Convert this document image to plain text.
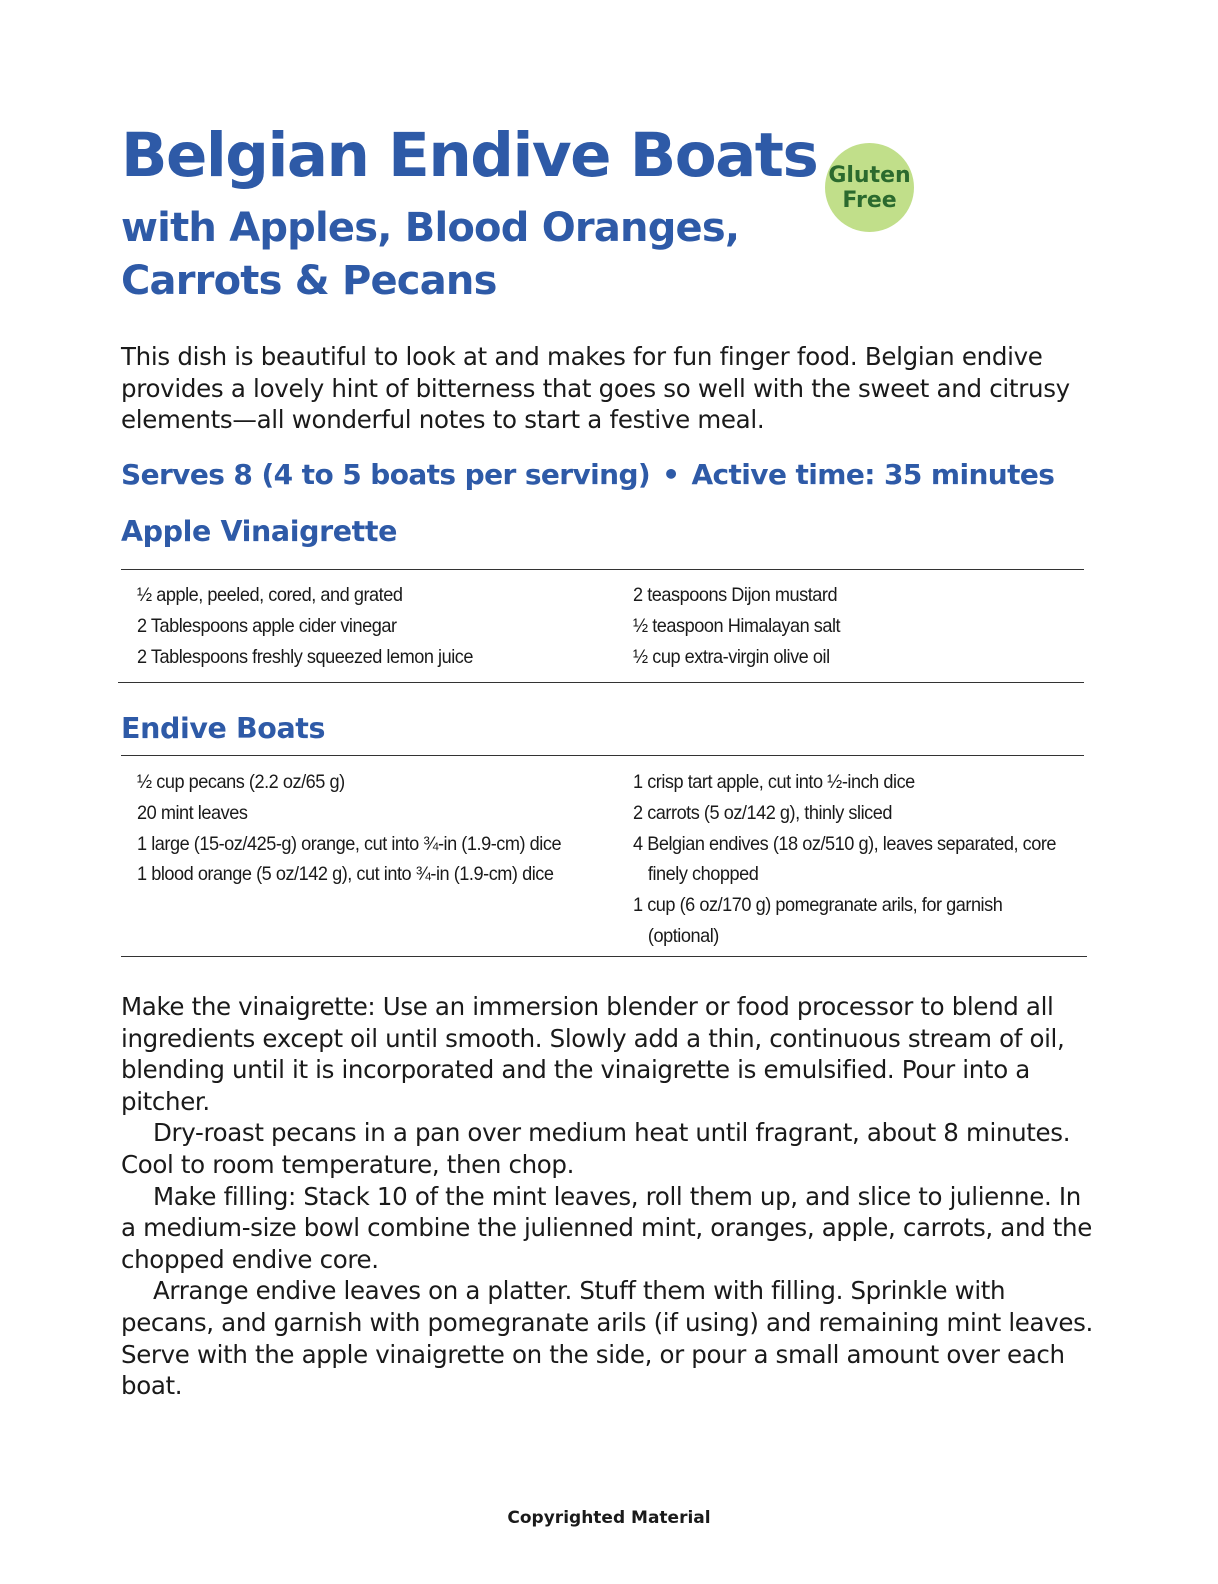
Belgian Endive Boats Gluten
Free
with Apples, Blood Oranges, Carrots & Pecans

This dish is beautiful to look at and makes for fun finger food. Belgian endive provides a lovely hint of bitterness that goes so well with the sweet and citrusy elements—all wonderful notes to start a festive meal.

Serves 8 (4 to 5 boats per serving) • Active time: 35 minutes

Apple Vinaigrette
½ apple, peeled, cored, and grated
2 Tablespoons apple cider vinegar
2 Tablespoons freshly squeezed lemon juice
2 teaspoons Dijon mustard
½ teaspoon Himalayan salt
½ cup extra-virgin olive oil
Endive Boats
½ cup pecans (2.2 oz/65 g)
20 mint leaves
1 large (15-oz/425-g) orange, cut into ¾-in (1.9-cm) dice
1 blood orange (5 oz/142 g), cut into ¾-in (1.9-cm) dice
1 crisp tart apple, cut into ½-inch dice
2 carrots (5 oz/142 g), thinly sliced
4 Belgian endives (18 oz/510 g), leaves separated, core finely chopped
1 cup (6 oz/170 g) pomegranate arils, for garnish (optional)

Make the vinaigrette: Use an immersion blender or food processor to blend all ingredients except oil until smooth. Slowly add a thin, continuous stream of oil, blending until it is incorporated and the vinaigrette is emulsified. Pour into a pitcher.

Dry-roast pecans in a pan over medium heat until fragrant, about 8 minutes. Cool to room temperature, then chop.

Make filling: Stack 10 of the mint leaves, roll them up, and slice to julienne. In a medium-size bowl combine the julienned mint, oranges, apple, carrots, and the chopped endive core.

Arrange endive leaves on a platter. Stuff them with filling. Sprinkle with pecans, and garnish with pomegranate arils (if using) and remaining mint leaves. Serve with the apple vinaigrette on the side, or pour a small amount over each boat.

Copyrighted Material
